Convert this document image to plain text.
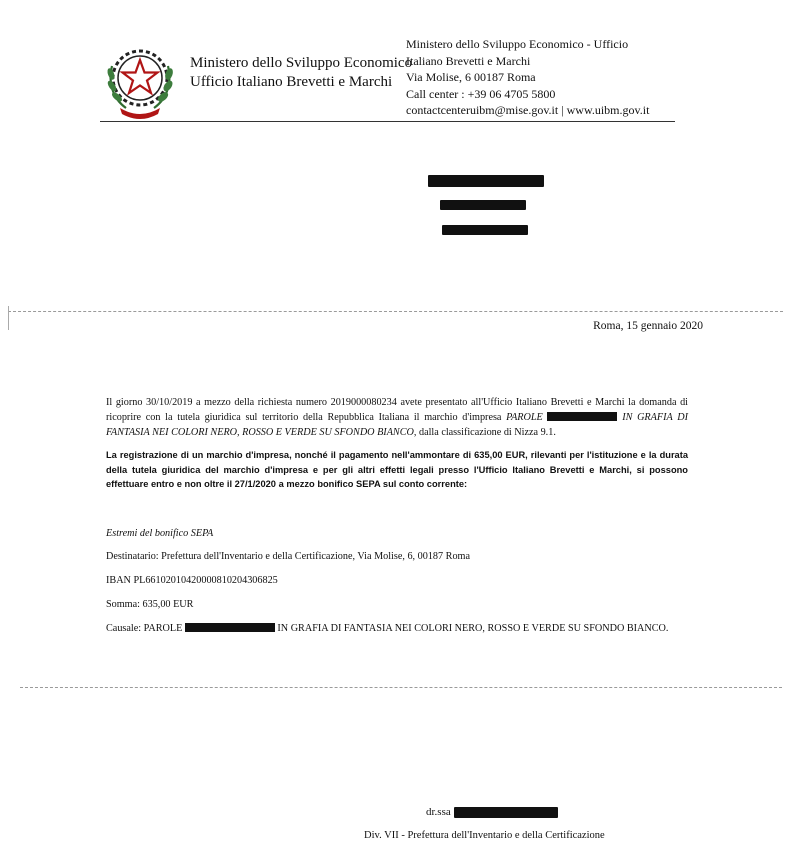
Ministero dello Sviluppo Economico
Ufficio Italiano Brevetti e Marchi
Ministero dello Sviluppo Economico - Ufficio
Italiano Brevetti e Marchi
Via Molise, 6 00187 Roma
Call center : +39 06 4705 5800
contactcenteruibm@mise.gov.it | www.uibm.gov.it
Roma, 15 gennaio 2020
Il giorno 30/10/2019 a mezzo della richiesta numero 2019000080234 avete presentato all'Ufficio Italiano Brevetti e Marchi la domanda di ricoprire con la tutela giuridica sul territorio della Repubblica Italiana il marchio d'impresa PAROLE	IN GRAFIA DI FANTASIA NEI COLORI NERO, ROSSO E VERDE SU SFONDO BIANCO, dalla classificazione di Nizza 9.1.
La registrazione di un marchio d'impresa, nonché il pagamento nell'ammontare di 635,00 EUR, rilevanti per l'istituzione e la durata della tutela giuridica del marchio d'impresa e per gli altri effetti legali presso l'Ufficio Italiano Brevetti e Marchi, si possono effettuare entro e non oltre il 27/1/2020 a mezzo bonifico SEPA sul conto corrente:
Estremi del bonifico SEPA
Destinatario: Prefettura dell'Inventario e della Certificazione, Via Molise, 6, 00187 Roma
IBAN PL66102010420000810204306825
Somma: 635,00 EUR
Causale: PAROLE	IN GRAFIA DI FANTASIA NEI COLORI NERO, ROSSO E VERDE SU SFONDO BIANCO.
dr.ssa
Div. VII - Prefettura dell'Inventario e della Certificazione
